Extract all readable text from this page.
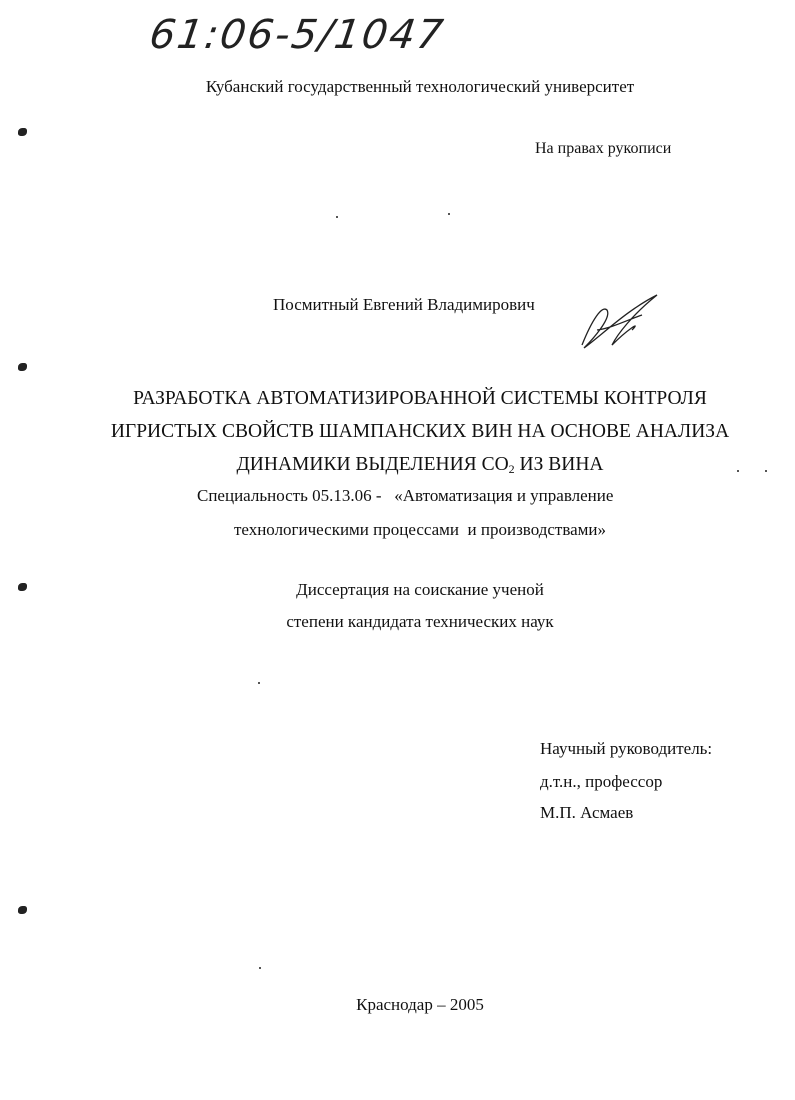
61:06-5/1047
Кубанский государственный технологический университет
На правах рукописи
Посмитный Евгений Владимирович
РАЗРАБОТКА АВТОМАТИЗИРОВАННОЙ СИСТЕМЫ КОНТРОЛЯ
ИГРИСТЫХ СВОЙСТВ ШАМПАНСКИХ ВИН НА ОСНОВЕ АНАЛИЗА
ДИНАМИКИ ВЫДЕЛЕНИЯ $СО_2$ ИЗ ВИНА
Специальность 05.13.06 -   «Автоматизация и управление
технологическими процессами  и производствами»
Диссертация на соискание ученой
степени кандидата технических наук
Научный руководитель:
д.т.н., профессор
М.П. Асмаев
Краснодар – 2005
